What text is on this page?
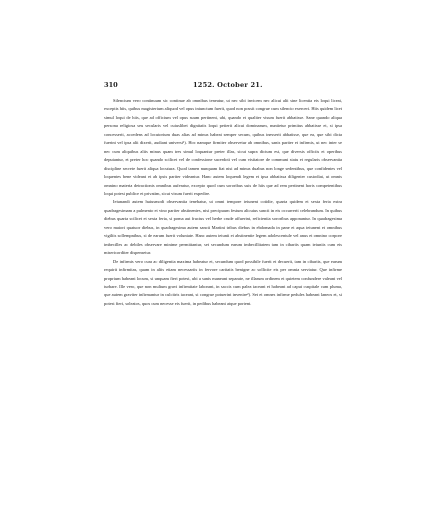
310	1252. October 21.

Silencium vero continuum sic continue ab omnibus teneatur, ut nec sibi invicem nec alicui alii sine licentia eis loqui liceat, exceptis hiis, quibus magisterium aliquod vel opus iniunctum fuerit, quod non possit congrue cum silencio exerceri. Hiis quidem licet simul loqui de hiis, que ad officium vel opus suum pertinent, ubi, quando et qualiter visum fuerit abbatisse. Sane quando aliqua persona religiosa seu secularis vel cuiuslibet dignitatis loqui petierit alicui dominarum, nuntietur primitus abbatisse et, si ipsa concesserit, accedens ad locutorium duas alias ad minus habeat semper secum, quibus inesserit abbatisse, que ea, que sibi dicta fuerint vel ipsa alii dixerit, audiant universi¹). Hoc namque firmiter observetur ab omnibus, sanis pariter et infirmis, ut nec inter se nec cum aliquibus aliis minus quam tres simul loquantur preter illas, sicut supra dictum est, que diversis officiis et operibus deputantur, et preter hoc quando scilicet vel de confessione sacerdoti vel cum visitatore de communi statu et regularis observantia discipline secrete fuerit aliqua locutura. Quod tamen nunquam fiat nisi ad minus duabus non longe sedentibus, que confidentes vel loquentes bene videant et ab ipsis pariter videantur. Hanc autem loquendi legem et ipsa abbatissa diligenter custodiat, ut omnis omnino materia detractionis omnibus auferatur, excepto quod cum sororibus suis de hiis que ad rem pertinent horis competentibus loqui potest publice et privatim, sicut visum fuerit expedire.

Ieiunandi autem huiusmodi observantia tenebatur, ut omni tempore ieiunent cotidie, quarta quidem et sexta feria extra quadragesimam a pulmento et vino pariter abstinentes, nisi precipuum festum alicuius sancti in eis occurrerit celebrandum. In quibus diebus quarta scilicet et sexta feria, si poma aut fructus vel herbe crude affuerint, reficientia sororibus apponantur. In quadragesima vero maiori quatuor diebus, in quadragesima autem sancti Martini tribus diebus in ebdomada in pane et aqua ieiunent et omnibus vigiliis sollempnibus, si de earum fuerit voluntate. Hanc autem ieiunii et abstinentie legem adolescentule vel anus et omnino corpore imbecilles ac debiles observare minime permittantur, set secundum earum imbecillitatem tam in cibariis quam ieiuniis cum eis misericorditer dispensetur.

De infirmis vero cura ac diligentia maxima habeatur et, secundum quod possibile fuerit et decuerit, tam in cibariis, que earum requirit infirmitas, quam in aliis etiam necessariis in fervore caritatis benigne ac sollicite eis per omnia serviatur. Que infirme proprium habeant locum, si unquam fieri potest, ubi a sanis maneant separate, ne illarum ordinem et quietem confundere valeant vel turbare. Ille vero, que non multum gravi infirmitate laborant, in saccis cum palea iaceant et habeant ad caput cuspitale cum pluma, que autem graviter infirmantur in culcitris iaceant, si congrue potuerint invenire²). Set et omnes infirme pedules habeant laneos et, si potest fieri, soleatos, quos cum necesse eis fuerit, in pedibus habeant atque portent.
